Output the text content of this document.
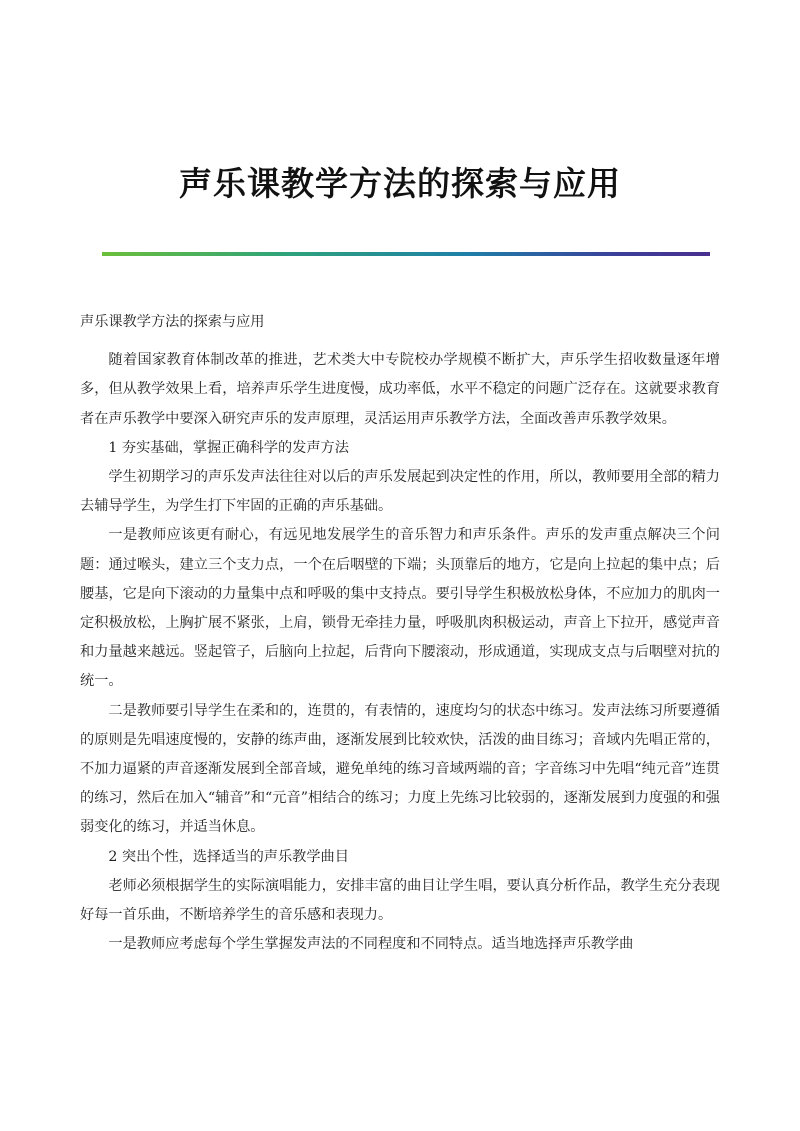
声乐课教学方法的探索与应用

声乐课教学方法的探索与应用

随着国家教育体制改革的推进，艺术类大中专院校办学规模不断扩大，声乐学生招收数量逐年增多，但从教学效果上看，培养声乐学生进度慢，成功率低，水平不稳定的问题广泛存在。这就要求教育者在声乐教学中要深入研究声乐的发声原理，灵活运用声乐教学方法，全面改善声乐教学效果。

1 夯实基础，掌握正确科学的发声方法

学生初期学习的声乐发声法往往对以后的声乐发展起到决定性的作用，所以，教师要用全部的精力去辅导学生，为学生打下牢固的正确的声乐基础。

一是教师应该更有耐心，有远见地发展学生的音乐智力和声乐条件。声乐的发声重点解决三个问题：通过喉头，建立三个支力点，一个在后咽壁的下端；头顶靠后的地方，它是向上拉起的集中点；后腰基，它是向下滚动的力量集中点和呼吸的集中支持点。要引导学生积极放松身体，不应加力的肌肉一定积极放松，上胸扩展不紧张，上肩，锁骨无牵挂力量，呼吸肌肉积极运动，声音上下拉开，感觉声音和力量越来越远。竖起管子，后脑向上拉起，后背向下腰滚动，形成通道，实现成支点与后咽壁对抗的统一。

二是教师要引导学生在柔和的，连贯的，有表情的，速度均匀的状态中练习。发声法练习所要遵循的原则是先唱速度慢的，安静的练声曲，逐渐发展到比较欢快，活泼的曲目练习；音域内先唱正常的，不加力逼紧的声音逐渐发展到全部音域，避免单纯的练习音域两端的音；字音练习中先唱“纯元音”连贯的练习，然后在加入“辅音”和“元音”相结合的练习；力度上先练习比较弱的，逐渐发展到力度强的和强弱变化的练习，并适当休息。

2 突出个性，选择适当的声乐教学曲目

老师必须根据学生的实际演唱能力，安排丰富的曲目让学生唱，要认真分析作品，教学生充分表现好每一首乐曲，不断培养学生的音乐感和表现力。

一是教师应考虑每个学生掌握发声法的不同程度和不同特点。适当地选择声乐教学曲
